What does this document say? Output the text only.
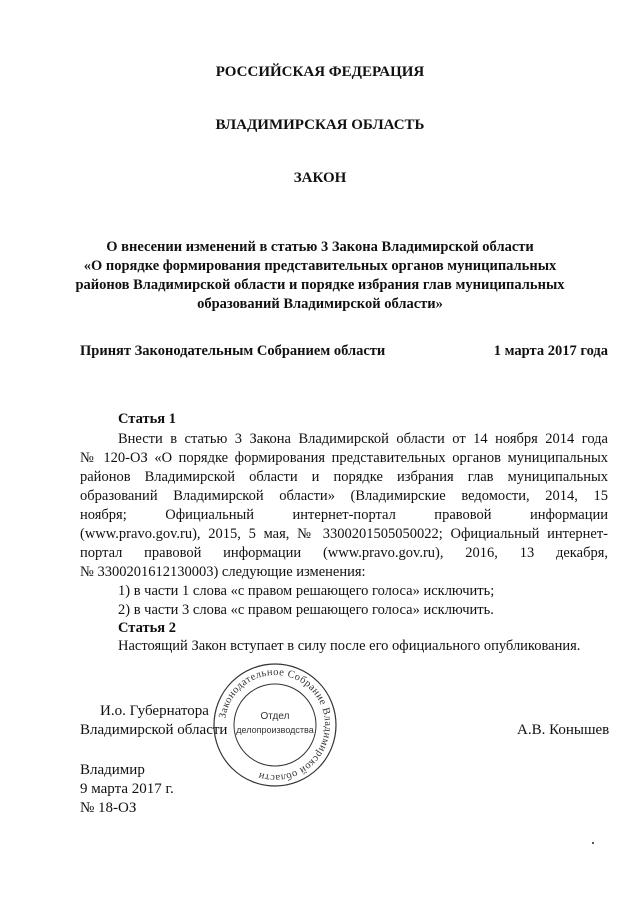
РОССИЙСКАЯ ФЕДЕРАЦИЯ
ВЛАДИМИРСКАЯ ОБЛАСТЬ
ЗАКОН
О внесении изменений в статью 3 Закона Владимирской области
«О порядке формирования представительных органов муниципальных
районов Владимирской области и порядке избрания глав муниципальных
образований Владимирской области»
Принят Законодательным Собранием области	1 марта 2017 года
Статья 1
Внести в статью 3 Закона Владимирской области от 14 ноября 2014 года
№ 120-ОЗ «О порядке формирования представительных органов муниципальных
районов Владимирской области и порядке избрания глав муниципальных
образований Владимирской области» (Владимирские ведомости, 2014, 15
ноября; Официальный интернет-портал правовой информации
(www.pravo.gov.ru), 2015, 5 мая, № 3300201505050022; Официальный интернет-
портал правовой информации (www.pravo.gov.ru), 2016, 13 декабря,
№ 3300201612130003) следующие изменения:
1) в части 1 слова «с правом решающего голоса» исключить;
2) в части 3 слова «с правом решающего голоса» исключить.
Статья 2
Настоящий Закон вступает в силу после его официального опубликования.
И.о. Губернатора
Владимирской области	А.В. Конышев
Законодательное Собрание Владимирской области
Отдел
делопроизводства
Владимир
9 марта 2017 г.
№ 18-ОЗ
